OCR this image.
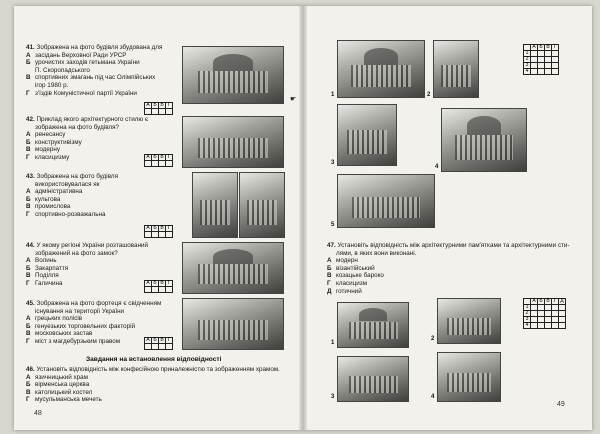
41. Зображена на фото будівля збудована для
А засідань Верховної Ради УРСР
Б урочистих заходів гетьмана України
П. Скоропадського
В спортивних змагань під час Олімпійських
ігор 1980 р.
Г з'їздів Комуністичної партії України
А	Б	В	Г

☛
42. Приклад якого архітектурного стилю є
зображена на фото будівля?
А ренесансу
Б конструктивізму
В модерну
Г класицизму	А	Б	В	Г

43. Зображена на фото будівля
використовувалася як
А адміністративна
Б культова
В промислова
Г спортивно-розважальна
А	Б	В	Г

44. У якому регіоні України розташований
зображений на фото замок?
А Волинь
Б Закарпаття
В Поділля
Г Галичина	А	Б	В	Г

45. Зображена на фото фортеця є свідченням
існування на території України
А грецьких полісів
Б генуезьких торговельних факторій
В московських застав
Г міст з магдебурзьким правом	А	Б	В	Г

Завдання на встановлення відповідності
46. Установіть відповідність між конфесійною приналежністю та зображенням храмом.
А язичницький храм
Б вірменська церква
В католицький костел
Г мусульманська мечеть
48
1	2
3
4
5
	А	Б	В	Г
1				
2				
3				
4				
47. Установіть відповідність між архітектурними пам'ятками та архітектурними сти-
лями, в яких вони виконані.
А модерн
Б візантійський
В козацьке бароко
Г класицизм
Д готичний
	А	Б	В	Г	Д
1					
2					
3					
4					
1
2
3	4
49
